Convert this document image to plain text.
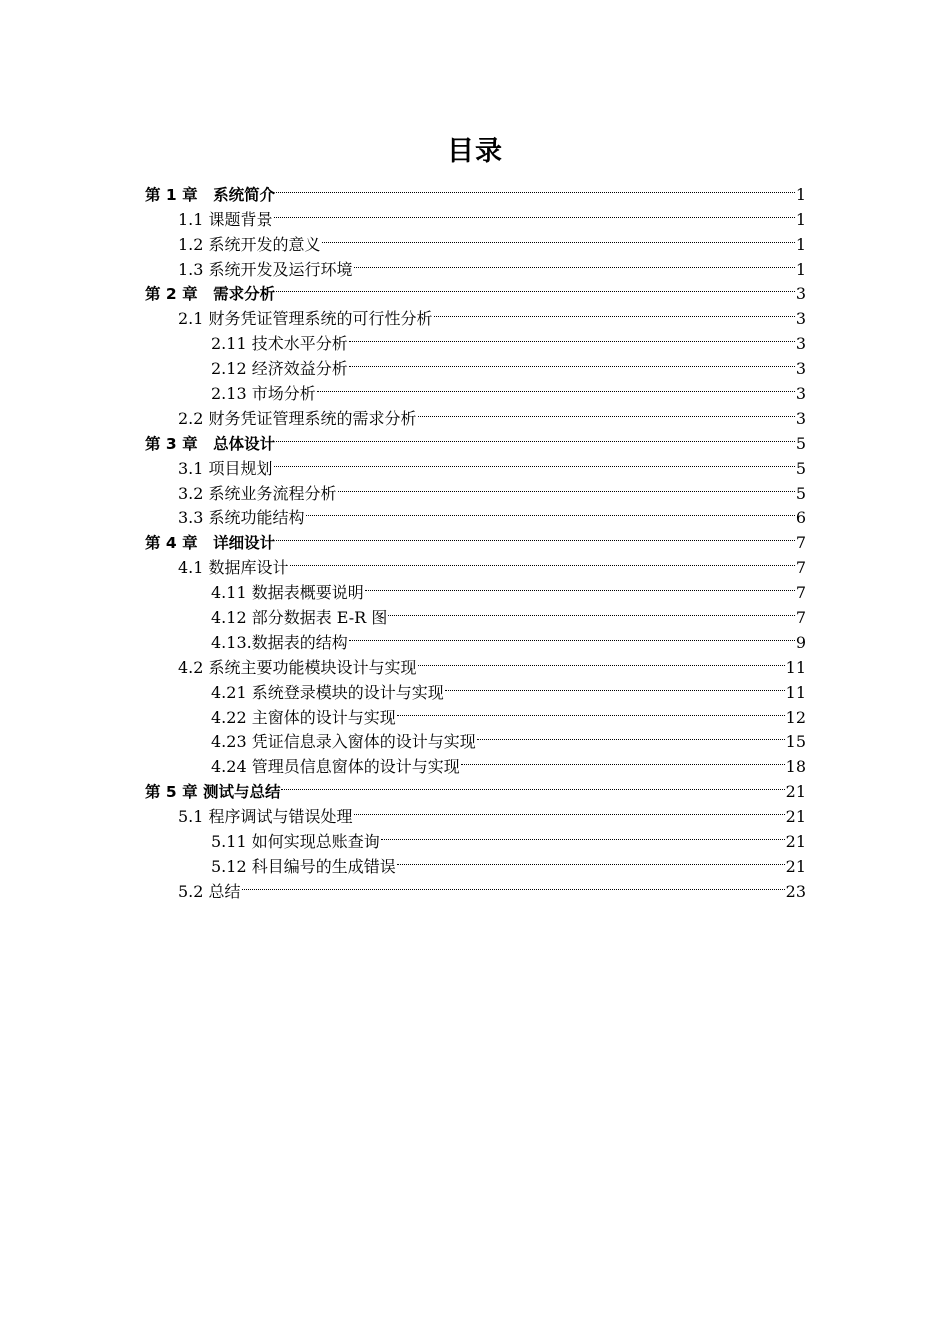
目录
第 1 章　系统简介	1
1.1 课题背景	1
1.2 系统开发的意义	1
1.3 系统开发及运行环境	1
第 2 章　需求分析	3
2.1 财务凭证管理系统的可行性分析	3
2.11 技术水平分析	3
2.12 经济效益分析	3
2.13 市场分析	3
2.2 财务凭证管理系统的需求分析	3
第 3 章　总体设计	5
3.1 项目规划	5
3.2 系统业务流程分析	5
3.3 系统功能结构	6
第 4 章　详细设计	7
4.1 数据库设计	7
4.11 数据表概要说明	7
4.12 部分数据表 E-R 图	7
4.13.数据表的结构	9
4.2 系统主要功能模块设计与实现	11
4.21 系统登录模块的设计与实现	11
4.22 主窗体的设计与实现	12
4.23 凭证信息录入窗体的设计与实现	15
4.24 管理员信息窗体的设计与实现	18
第 5 章 测试与总结	21
5.1 程序调试与错误处理	21
5.11 如何实现总账查询	21
5.12 科目编号的生成错误	21
5.2 总结	23
